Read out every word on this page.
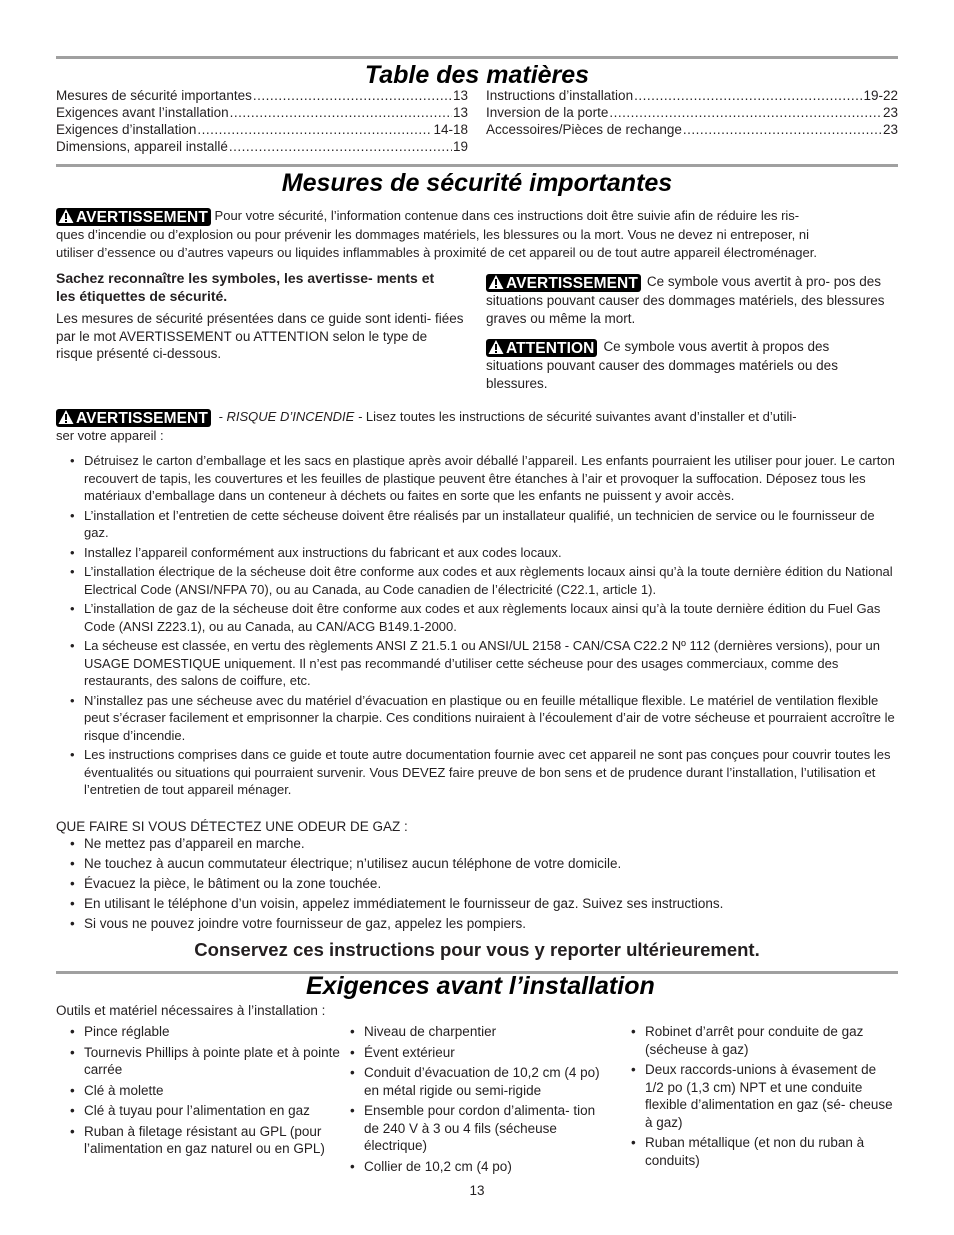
Table des matières
Mesures de sécurité importantes .....	13
Exigences avant l’installation .....	13
Exigences d’installation .....	14-18
Dimensions, appareil installé .....	19
Instructions d’installation .....	19-22
Inversion de la porte .....	23
Accessoires/Pièces de rechange .....	23
Mesures de sécurité importantes
AVERTISSEMENT Pour votre sécurité, l’information contenue dans ces instructions doit être suivie afin de réduire les ris-
ques d’incendie ou d’explosion ou pour prévenir les dommages matériels, les blessures ou la mort. Vous ne devez ni entreposer, ni
utiliser d’essence ou d’autres vapeurs ou liquides inflammables à proximité de cet appareil ou de tout autre appareil électroménager.
Sachez reconnaître les symboles, les avertisse- ments et les étiquettes de sécurité.
Les mesures de sécurité présentées dans ce guide sont identi- fiées par le mot AVERTISSEMENT ou ATTENTION selon le type de risque présenté ci-dessous.
AVERTISSEMENT Ce symbole vous avertit à pro- pos des situations pouvant causer des dommages matériels, des blessures graves ou même la mort.
ATTENTION Ce symbole vous avertit à propos des situations pouvant causer des dommages matériels ou des blessures.
AVERTISSEMENT - RISQUE D’INCENDIE - Lisez toutes les instructions de sécurité suivantes avant d’installer et d’utili-
ser votre appareil :
• Détruisez le carton d’emballage et les sacs en plastique après avoir déballé l’appareil. Les enfants pourraient les utiliser pour jouer. Le carton recouvert de tapis, les couvertures et les feuilles de plastique peuvent être étanches à l’air et provoquer la suffocation. Déposez tous les matériaux d’emballage dans un conteneur à déchets ou faites en sorte que les enfants ne puissent y avoir accès.
• L’installation et l’entretien de cette sécheuse doivent être réalisés par un installateur qualifié, un technicien de service ou le fournisseur de gaz.
• Installez l’appareil conformément aux instructions du fabricant et aux codes locaux.
• L’installation électrique de la sécheuse doit être conforme aux codes et aux règlements locaux ainsi qu’à la toute dernière édition du National Electrical Code (ANSI/NFPA 70), ou au Canada, au Code canadien de l’électricité (C22.1, article 1).
• L’installation de gaz de la sécheuse doit être conforme aux codes et aux règlements locaux ainsi qu’à la toute dernière édition du Fuel Gas Code (ANSI Z223.1), ou au Canada, au CAN/ACG B149.1-2000.
• La sécheuse est classée, en vertu des règlements ANSI Z 21.5.1 ou ANSI/UL 2158 - CAN/CSA C22.2 Nº 112 (dernières versions), pour un USAGE DOMESTIQUE uniquement. Il n’est pas recommandé d’utiliser cette sécheuse pour des usages commerciaux, comme des restaurants, des salons de coiffure, etc.
• N’installez pas une sécheuse avec du matériel d’évacuation en plastique ou en feuille métallique flexible. Le matériel de ventilation flexible peut s’écraser facilement et emprisonner la charpie. Ces conditions nuiraient à l’écoulement d’air de votre sécheuse et pourraient accroître le risque d’incendie.
• Les instructions comprises dans ce guide et toute autre documentation fournie avec cet appareil ne sont pas conçues pour couvrir toutes les éventualités ou situations qui pourraient survenir. Vous DEVEZ faire preuve de bon sens et de prudence durant l’installation, l’utilisation et l’entretien de tout appareil ménager.
QUE FAIRE SI VOUS DÉTECTEZ UNE ODEUR DE GAZ :
• Ne mettez pas d’appareil en marche.
• Ne touchez à aucun commutateur électrique; n’utilisez aucun téléphone de votre domicile.
• Évacuez la pièce, le bâtiment ou la zone touchée.
• En utilisant le téléphone d’un voisin, appelez immédiatement le fournisseur de gaz. Suivez ses instructions.
• Si vous ne pouvez joindre votre fournisseur de gaz, appelez les pompiers.
Conservez ces instructions pour vous y reporter ultérieurement.
Exigences avant l’installation
Outils et matériel nécessaires à l’installation :
• Pince réglable
• Tournevis Phillips à pointe plate et à pointe carrée
• Clé à molette
• Clé à tuyau pour l’alimentation en gaz
• Ruban à filetage résistant au GPL (pour l’alimentation en gaz naturel ou en GPL)
• Niveau de charpentier
• Évent extérieur
• Conduit d’évacuation de 10,2 cm (4 po) en métal rigide ou semi-rigide
• Ensemble pour cordon d’alimenta- tion de 240 V à 3 ou 4 fils (sécheuse électrique)
• Collier de 10,2 cm (4 po)
• Robinet d’arrêt pour conduite de gaz (sécheuse à gaz)
• Deux raccords-unions à évasement de 1/2 po (1,3 cm) NPT et une conduite flexible d’alimentation en gaz (sé- cheuse à gaz)
• Ruban métallique (et non du ruban à conduits)
13
